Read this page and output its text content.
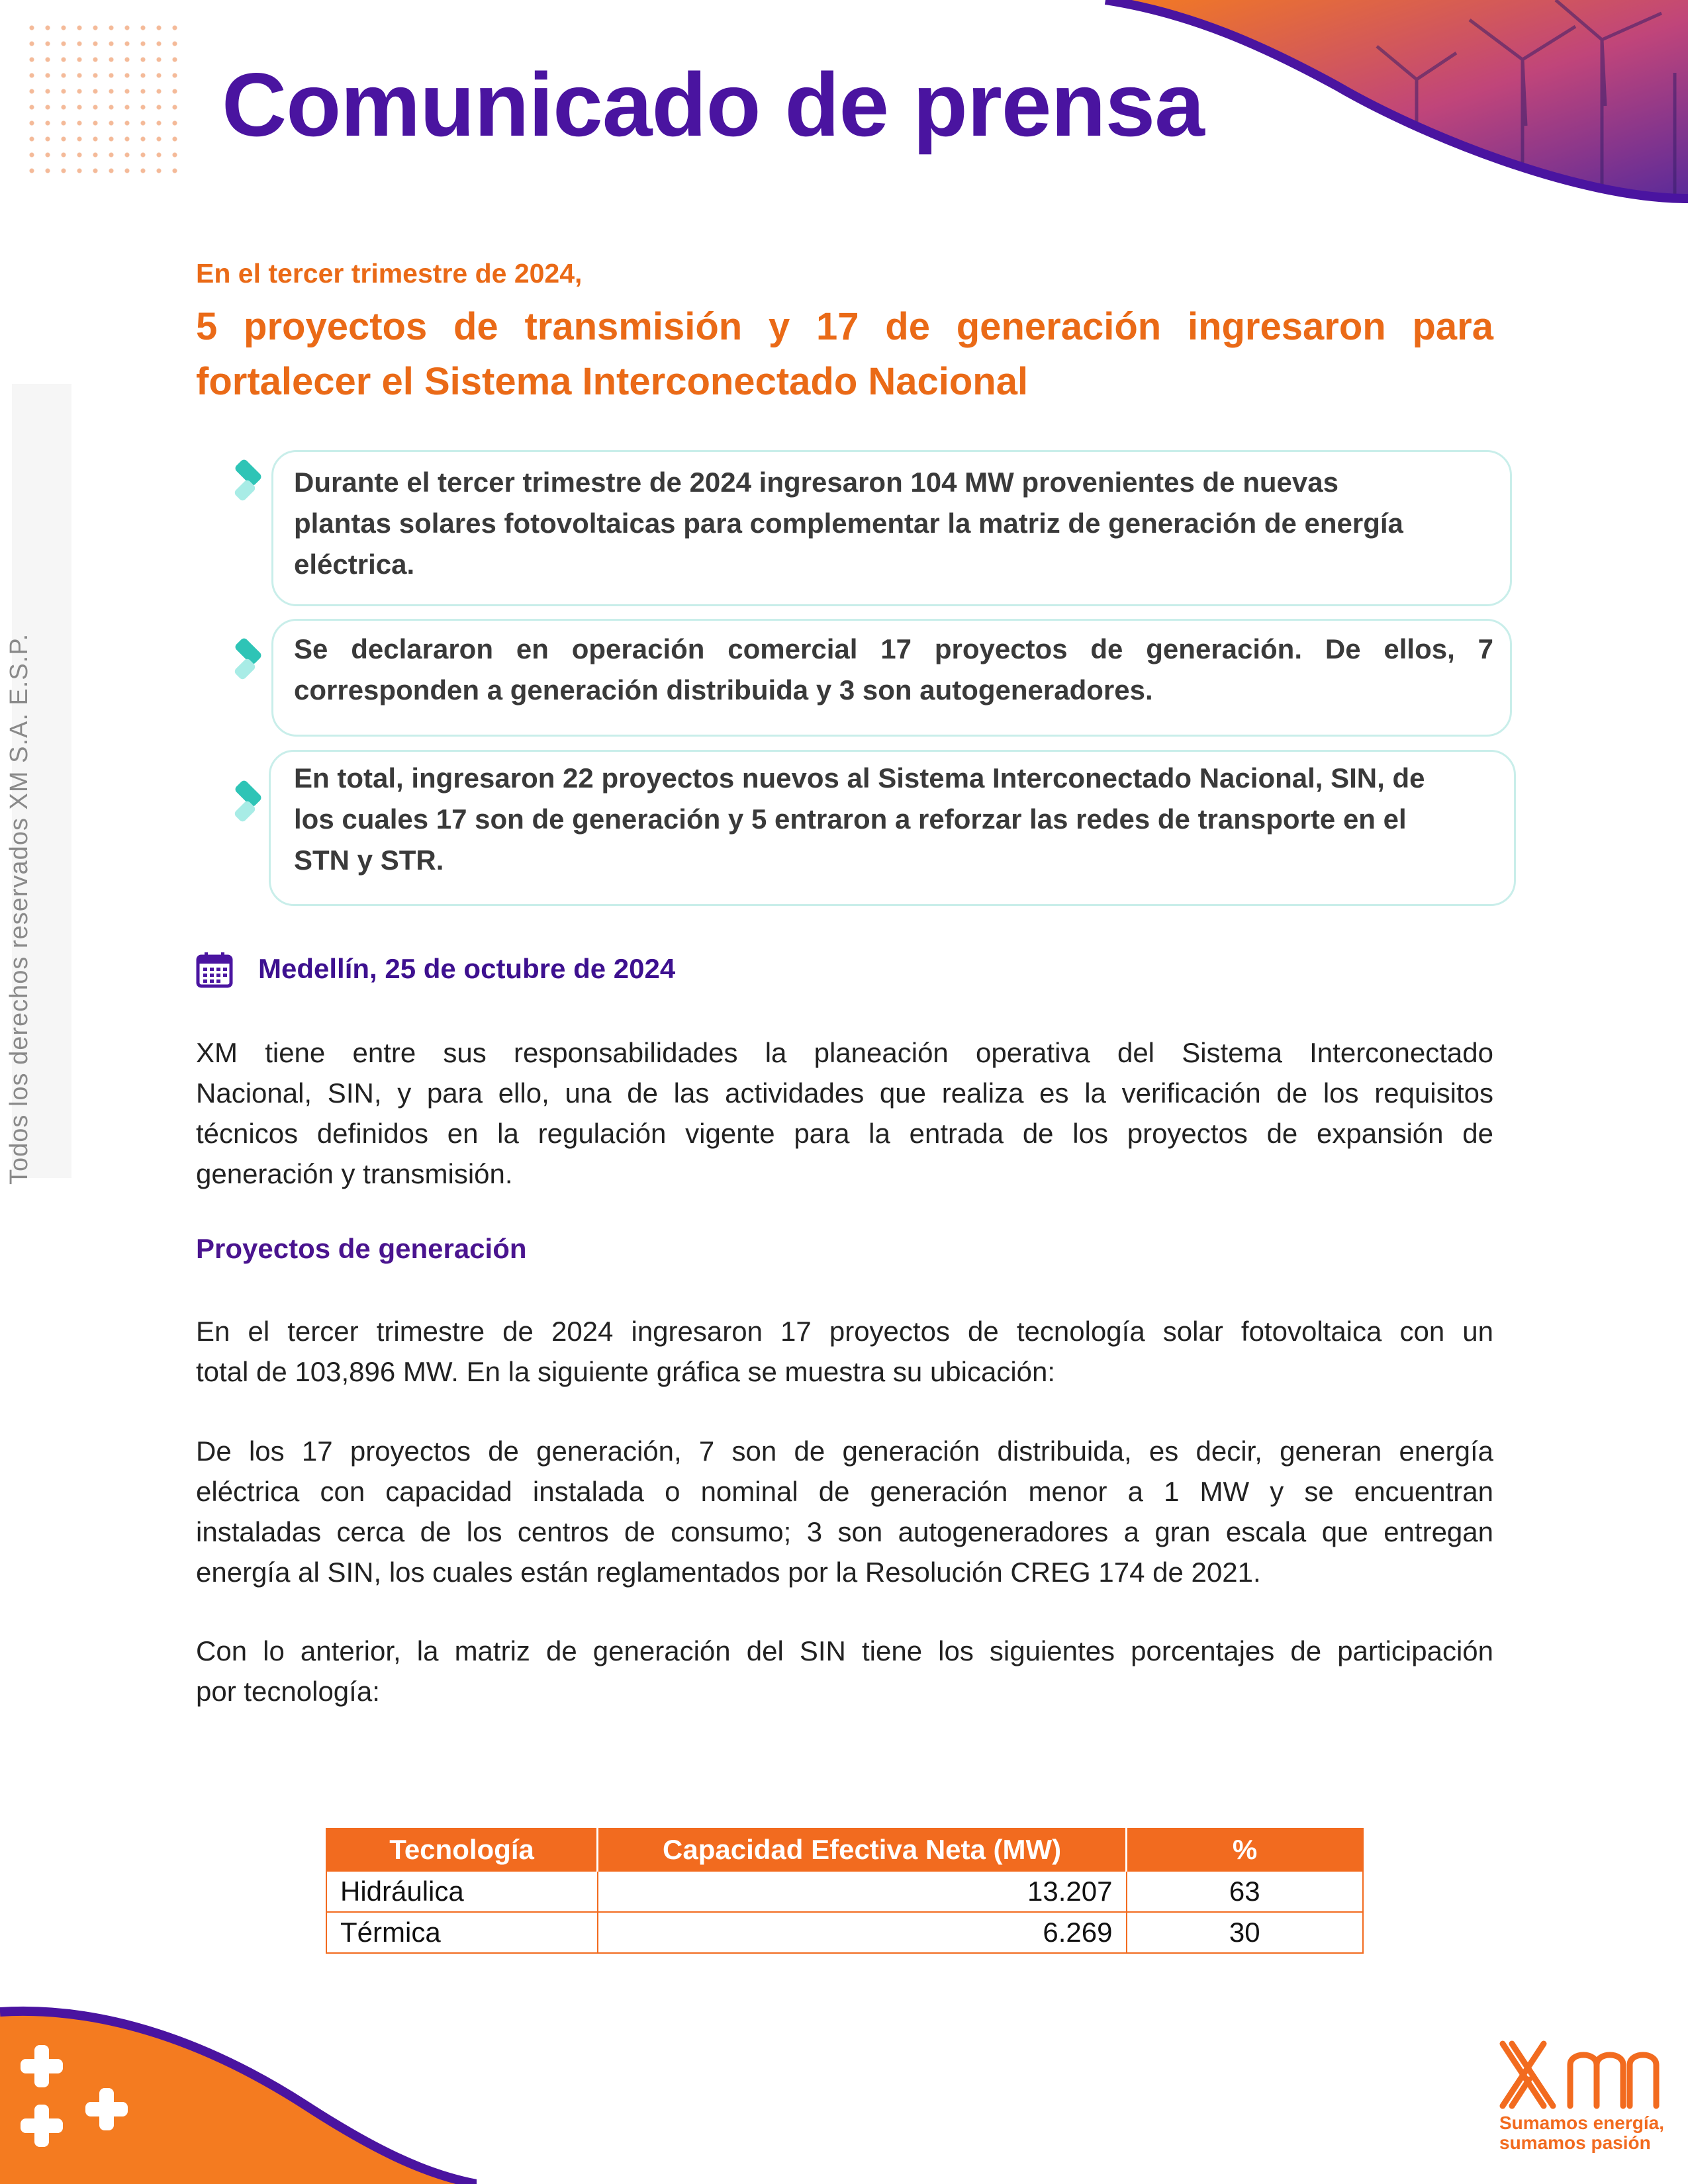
Comunicado de prensa
Todos los derechos reservados XM S.A. E.S.P.
En el tercer trimestre de 2024,
5 proyectos de transmisión y 17 de generación ingresaron para
fortalecer el Sistema Interconectado Nacional
Durante el tercer trimestre de 2024 ingresaron 104 MW provenientes de nuevas
plantas solares fotovoltaicas para complementar la matriz de generación de energía
eléctrica.
Se declararon en operación comercial 17 proyectos de generación. De ellos, 7
corresponden a generación distribuida y 3 son autogeneradores.
En total, ingresaron 22 proyectos nuevos al Sistema Interconectado Nacional, SIN, de
los cuales 17 son de generación y 5 entraron a reforzar las redes de transporte en el
STN y STR.
Medellín, 25 de octubre de 2024
XM tiene entre sus responsabilidades la planeación operativa del Sistema Interconectado
Nacional, SIN, y para ello, una de las actividades que realiza es la verificación de los requisitos
técnicos definidos en la regulación vigente para la entrada de los proyectos de expansión de
generación y transmisión.
Proyectos de generación
En el tercer trimestre de 2024 ingresaron 17 proyectos de tecnología solar fotovoltaica con un
total de 103,896 MW. En la siguiente gráfica se muestra su ubicación:
De los 17 proyectos de generación, 7 son de generación distribuida, es decir, generan energía
eléctrica con capacidad instalada o nominal de generación menor a 1 MW y se encuentran
instaladas cerca de los centros de consumo; 3 son autogeneradores a gran escala que entregan
energía al SIN, los cuales están reglamentados por la Resolución CREG 174 de 2021.
Con lo anterior, la matriz de generación del SIN tiene los siguientes porcentajes de participación
por tecnología:
Tecnología	Capacidad Efectiva Neta (MW)	%
Hidráulica	13.207	63
Térmica	6.269	30
Sumamos energía,
sumamos pasión
